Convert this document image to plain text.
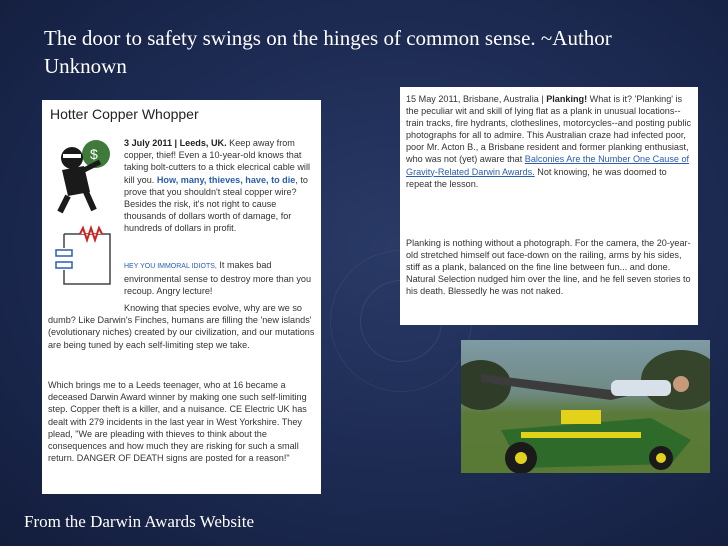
The door to safety swings on the hinges of common sense. ~Author Unknown
Hotter Copper Whopper
$
3 July 2011 | Leeds, UK. Keep away from copper, thief! Even a 10-year-old knows that taking bolt-cutters to a thick elecrical cable will kill you. How, many, thieves, have, to die, to prove that you shouldn't steal copper wire? Besides the risk, it's not right to cause thousands of dollars worth of damage, for hundreds of dollars in profit.
HEY YOU IMMORAL IDIOTS, It makes bad environmental sense to destroy more than you recoup. Angry lecture!
Knowing that species evolve, why are we so dumb? Like Darwin's Finches, humans are filling the 'new islands' (evolutionary niches) created by our civilization, and our mutations are being tuned by each self-limiting step we take.
Which brings me to a Leeds teenager, who at 16 became a deceased Darwin Award winner by making one such self-limiting step. Copper theft is a killer, and a nuisance. CE Electric UK has dealt with 279 incidents in the last year in West Yorkshire. They plead, "We are pleading with thieves to think about the consequences and how much they are risking for such a small return. DANGER OF DEATH signs are posted for a reason!"
15 May 2011, Brisbane, Australia | Planking! What is it? 'Planking' is the peculiar wit and skill of lying flat as a plank in unusual locations--train tracks, fire hydrants, clotheslines, motorcycles--and posting public photographs for all to admire. This Australian craze had infected poor, poor Mr. Acton B., a Brisbane resident and former planking enthusiast, who was not (yet) aware that Balconies Are the Number One Cause of Gravity-Related Darwin Awards. Not knowing, he was doomed to repeat the lesson.
Planking is nothing without a photograph. For the camera, the 20-year-old stretched himself out face-down on the railing, arms by his sides, stiff as a plank, balanced on the fine line between fun... and done. Natural Selection nudged him over the line, and he fell seven stories to his death. Blessedly he was not naked.
From the Darwin Awards Website
